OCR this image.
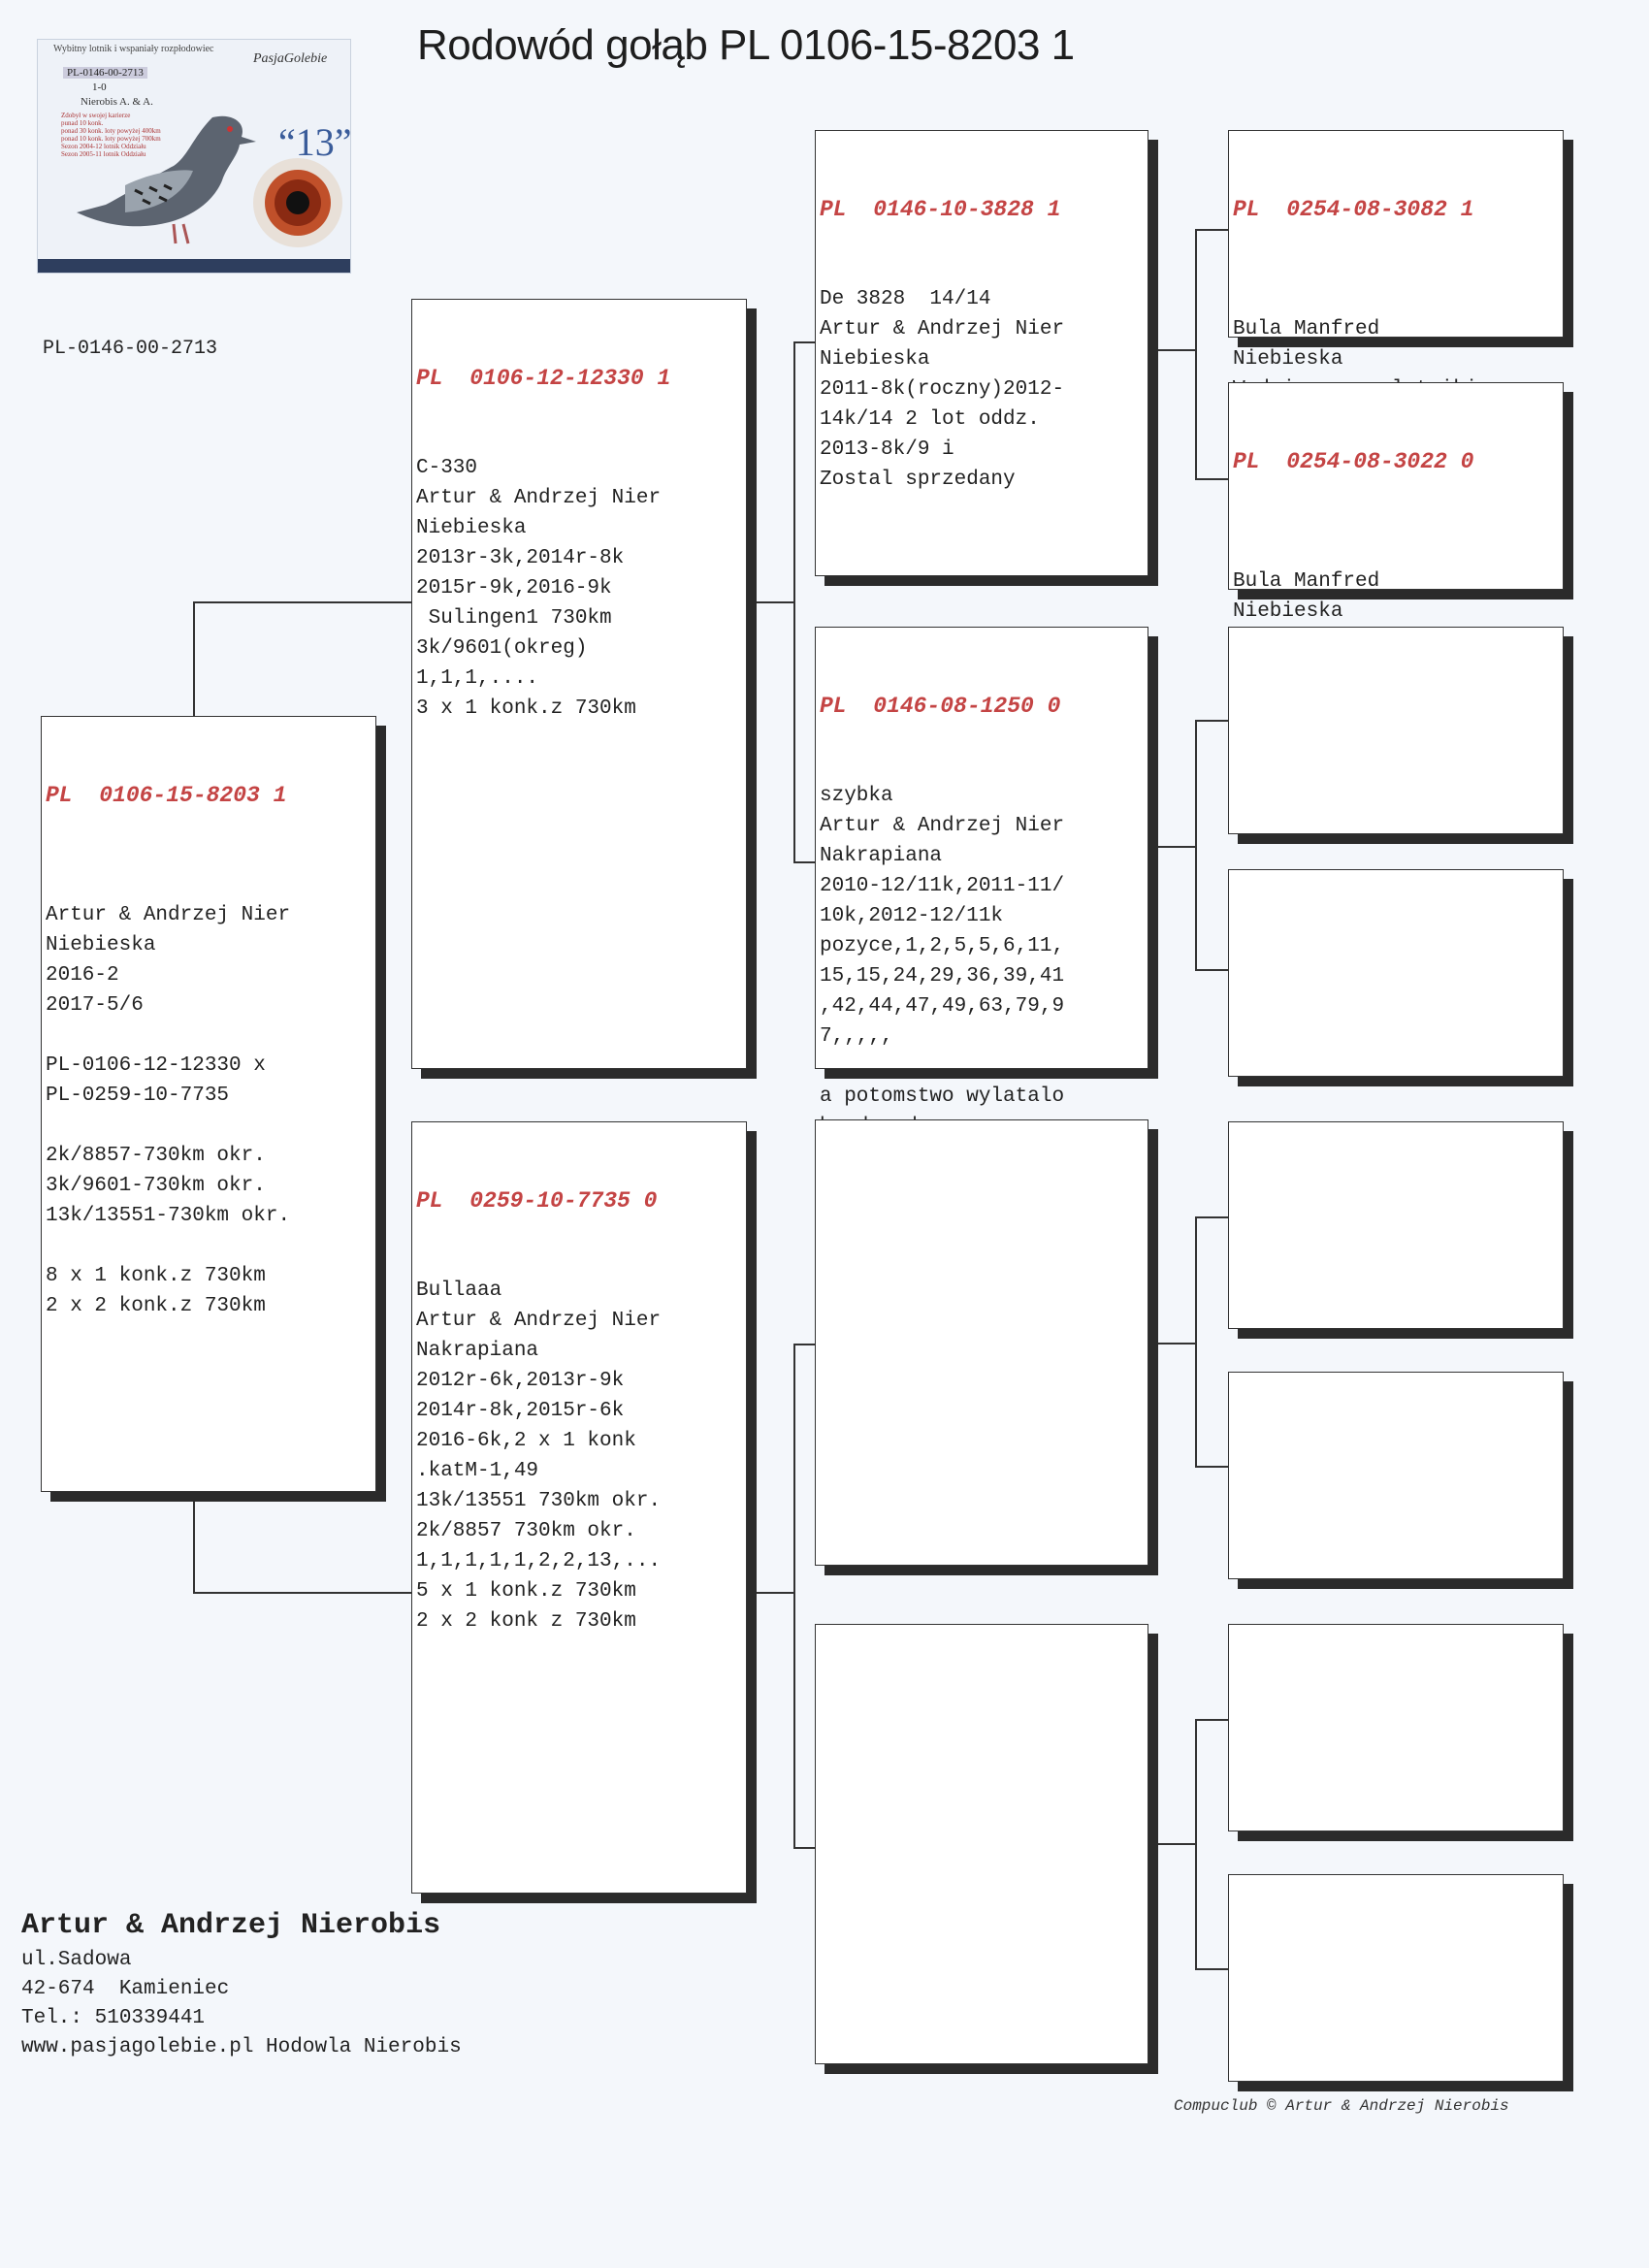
Rodowód gołąb PL 0106-15-8203 1
Wybitny lotnik i wspaniały rozpłodowiec
PasjaGolebie
PL-0146-00-2713
1-0
Nierobis A. & A.
Zdobył w swojej karierze
punad 10 konk.
ponad 30 konk. loty powyżej 400km
ponad 10 konk. loty powyżej 700km
Sezon 2004-12 lotnik Oddziału
Sezon 2005-11 lotnik Oddziału	“13”
PL-0146-00-2713

PL  0106-15-8203 1

Artur & Andrzej Nier
Niebieska
2016-2
2017-5/6

PL-0106-12-12330 x
PL-0259-10-7735

2k/8857-730km okr.
3k/9601-730km okr.
13k/13551-730km okr.

8 x 1 konk.z 730km
2 x 2 konk.z 730km

PL  0106-12-12330 1

C-330
Artur & Andrzej Nier
Niebieska
2013r-3k,2014r-8k
2015r-9k,2016-9k
Sulingen1 730km
3k/9601(okreg)
1,1,1,....
3 x 1 konk.z 730km

PL  0259-10-7735 0

Bullaaa
Artur & Andrzej Nier
Nakrapiana
2012r-6k,2013r-9k
2014r-8k,2015r-6k
2016-6k,2 x 1 konk
.katM-1,49
13k/13551 730km okr.
2k/8857 730km okr.
1,1,1,1,1,2,2,13,...
5 x 1 konk.z 730km
2 x 2 konk z 730km

PL  0146-10-3828 1

De 3828  14/14
Artur & Andrzej Nier
Niebieska
2011-8k(roczny)2012-
14k/14 2 lot oddz.
2013-8k/9 i
Zostal sprzedany

PL  0146-08-1250 0

szybka
Artur & Andrzej Nier
Nakrapiana
2010-12/11k,2011-11/
10k,2012-12/11k
pozyce,1,2,5,5,6,11,
15,15,24,29,36,39,41
,42,44,47,49,63,79,9
7,,,,,

a potomstwo wylatalo

PL  0254-08-3082 1

Bula Manfred
Niebieska

PL  0254-08-3022 0

Bula Manfred
Niebieska

Artur & Andrzej Nierobis
ul.Sadowa
42-674  Kamieniec
Tel.: 510339441
www.pasjagolebie.pl Hodowla Nierobis
Compuclub © Artur & Andrzej Nierobis
